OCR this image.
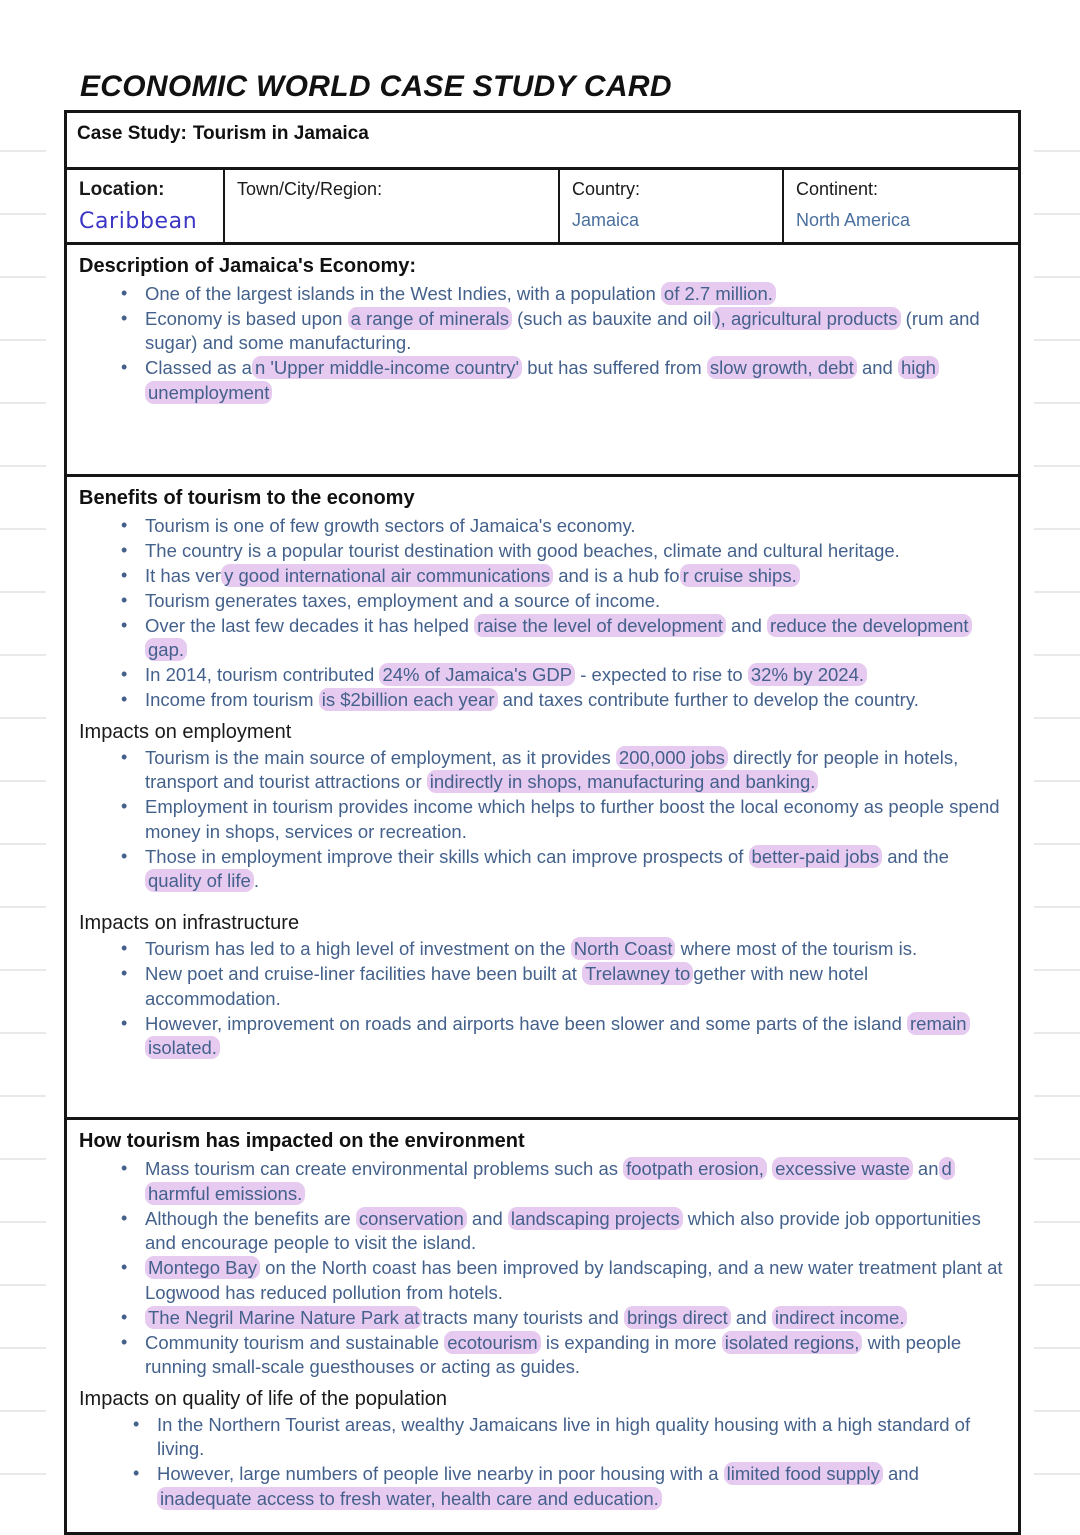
ECONOMIC WORLD CASE STUDY CARD
Case Study: Tourism in Jamaica
Location:
Caribbean
Town/City/Region:	Country:
Jamaica
Continent:
North America
Description of Jamaica's Economy:
• One of the largest islands in the West Indies, with a population of 2.7 million.
• Economy is based upon a range of minerals (such as bauxite and oil ), agricultural products (rum and sugar) and some manufacturing.
• Classed as a n 'Upper middle-income country' but has suffered from slow growth, debt and high unemployment
Benefits of tourism to the economy
• Tourism is one of few growth sectors of Jamaica's economy.
• The country is a popular tourist destination with good beaches, climate and cultural heritage.
• It has ver y good international air communications and is a hub fo r cruise ships.
• Tourism generates taxes, employment and a source of income.
• Over the last few decades it has helped raise the level of development and reduce the development gap.
• In 2014, tourism contributed 24% of Jamaica's GDP - expected to rise to 32% by 2024.
• Income from tourism is $2billion each year and taxes contribute further to develop the country.
Impacts on employment
• Tourism is the main source of employment, as it provides 200,000 jobs directly for people in hotels, transport and tourist attractions or indirectly in shops, manufacturing and banking.
• Employment in tourism provides income which helps to further boost the local economy as people spend money in shops, services or recreation.
• Those in employment improve their skills which can improve prospects of better-paid jobs and the quality of life .
Impacts on infrastructure
• Tourism has led to a high level of investment on the North Coast where most of the tourism is.
• New poet and cruise-liner facilities have been built at Trelawney to gether with new hotel accommodation.
• However, improvement on roads and airports have been slower and some parts of the island remain isolated.
How tourism has impacted on the environment
• Mass tourism can create environmental problems such as footpath erosion, excessive waste an d harmful emissions.
• Although the benefits are conservation and landscaping projects which also provide job opportunities and encourage people to visit the island.
• Montego Bay on the North coast has been improved by landscaping, and a new water treatment plant at Logwood has reduced pollution from hotels.
• The Negril Marine Nature Park at tracts many tourists and brings direct and indirect income.
• Community tourism and sustainable ecotourism is expanding in more isolated regions, with people running small-scale guesthouses or acting as guides.
Impacts on quality of life of the population
• In the Northern Tourist areas, wealthy Jamaicans live in high quality housing with a high standard of living.
• However, large numbers of people live nearby in poor housing with a limited food supply and inadequate access to fresh water, health care and education.
